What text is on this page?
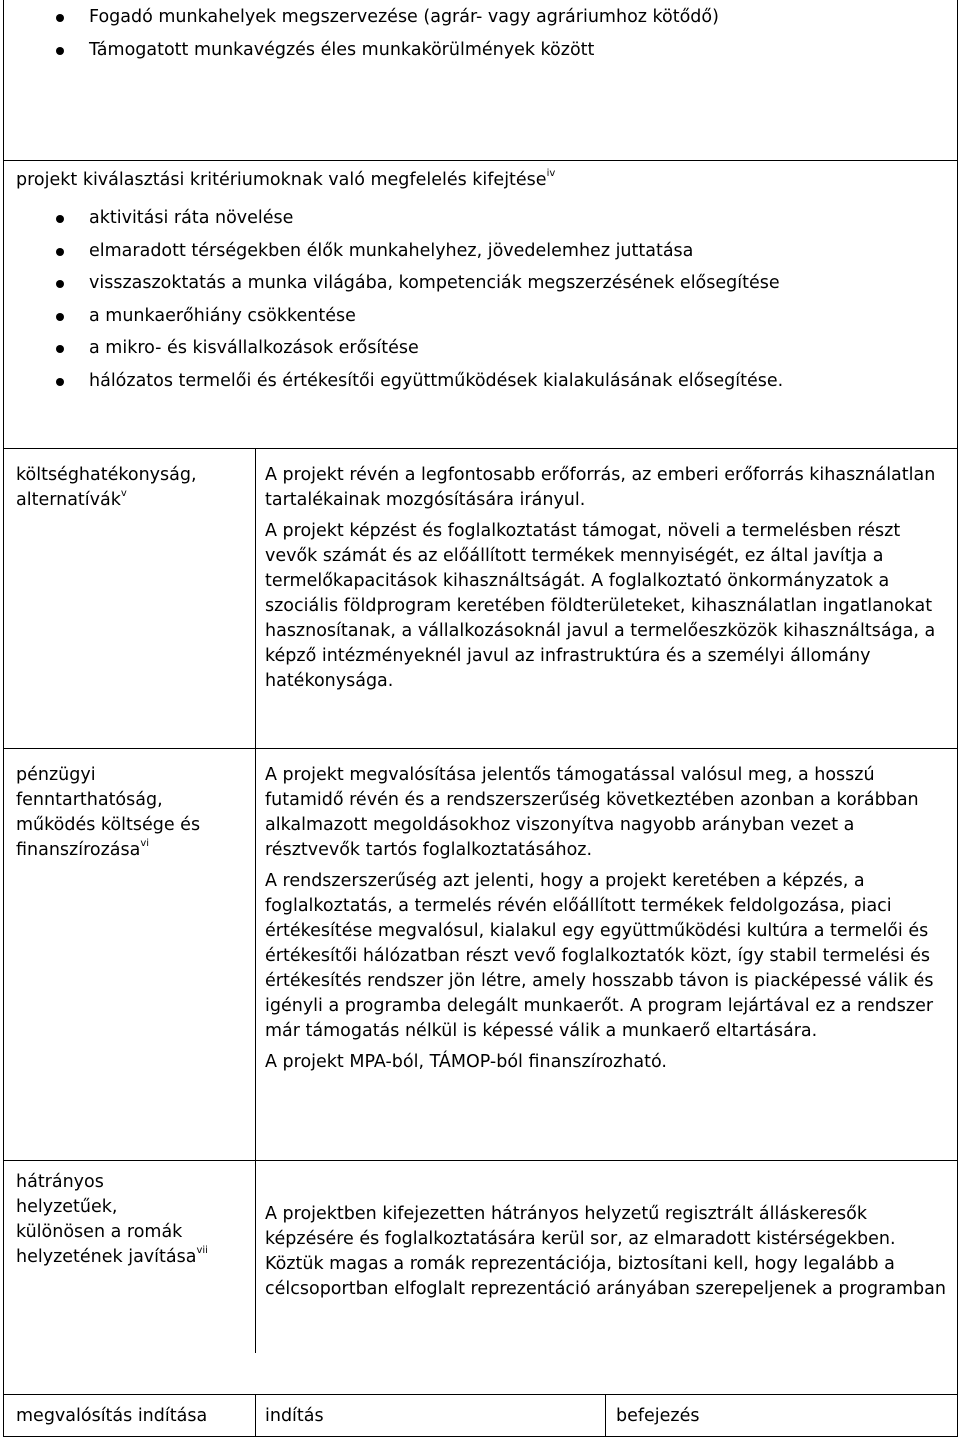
Fogadó munkahelyek megszervezése (agrár- vagy agráriumhoz kötődő)
Támogatott munkavégzés éles munkakörülmények között
projekt kiválasztási kritériumoknak való megfelelés kifejtése$^{iv}$
aktivitási ráta növelése
elmaradott térségekben élők munkahelyhez, jövedelemhez juttatása
visszaszoktatás a munka világába, kompetenciák megszerzésének elősegítése
a munkaerőhiány csökkentése
a mikro- és kisvállalkozások erősítése
hálózatos termelői és értékesítői együttműködések kialakulásának elősegítése.
költséghatékonyság,
alternatívák$^v$

A projekt révén a legfontosabb erőforrás, az emberi erőforrás kihasználatlan tartalékainak mozgósítására irányul.

A projekt képzést és foglalkoztatást támogat, növeli a termelésben részt vevők számát és az előállított termékek mennyiségét, ez által javítja a termelőkapacitások kihasználtságát. A foglalkoztató önkormányzatok a szociális földprogram keretében földterületeket, kihasználatlan ingatlanokat hasznosítanak, a vállalkozásoknál javul a termelőeszközök kihasználtsága, a képző intézményeknél javul az infrastruktúra és a személyi állomány hatékonysága.

pénzügyi
fenntarthatóság,
működés költsége és
finanszírozása$^{vi}$

A projekt megvalósítása jelentős támogatással valósul meg, a hosszú futamidő révén és a rendszerszerűség következtében azonban a korábban alkalmazott megoldásokhoz viszonyítva nagyobb arányban vezet a résztvevők tartós foglalkoztatásához.

A rendszerszerűség azt jelenti, hogy a projekt keretében a képzés, a foglalkoztatás, a termelés révén előállított termékek feldolgozása, piaci értékesítése megvalósul, kialakul egy együttműködési kultúra a termelői és értékesítői hálózatban részt vevő foglalkoztatók közt, így stabil termelési és értékesítés rendszer jön létre, amely hosszabb távon is piacképessé válik és igényli a programba delegált munkaerőt. A program lejártával ez a rendszer már támogatás nélkül is képessé válik a munkaerő eltartására.

A projekt MPA-ból, TÁMOP-ból finanszírozható.

hátrányos
helyzetűek,
különösen a romák
helyzetének javítása$^{vii}$

A projektben kifejezetten hátrányos helyzetű regisztrált álláskeresők képzésére és foglalkoztatására kerül sor, az elmaradott kistérségekben. Köztük magas a romák reprezentációja, biztosítani kell, hogy legalább a célcsoportban elfoglalt reprezentáció arányában szerepeljenek a programban

megvalósítás indítása	indítás	befejezés
